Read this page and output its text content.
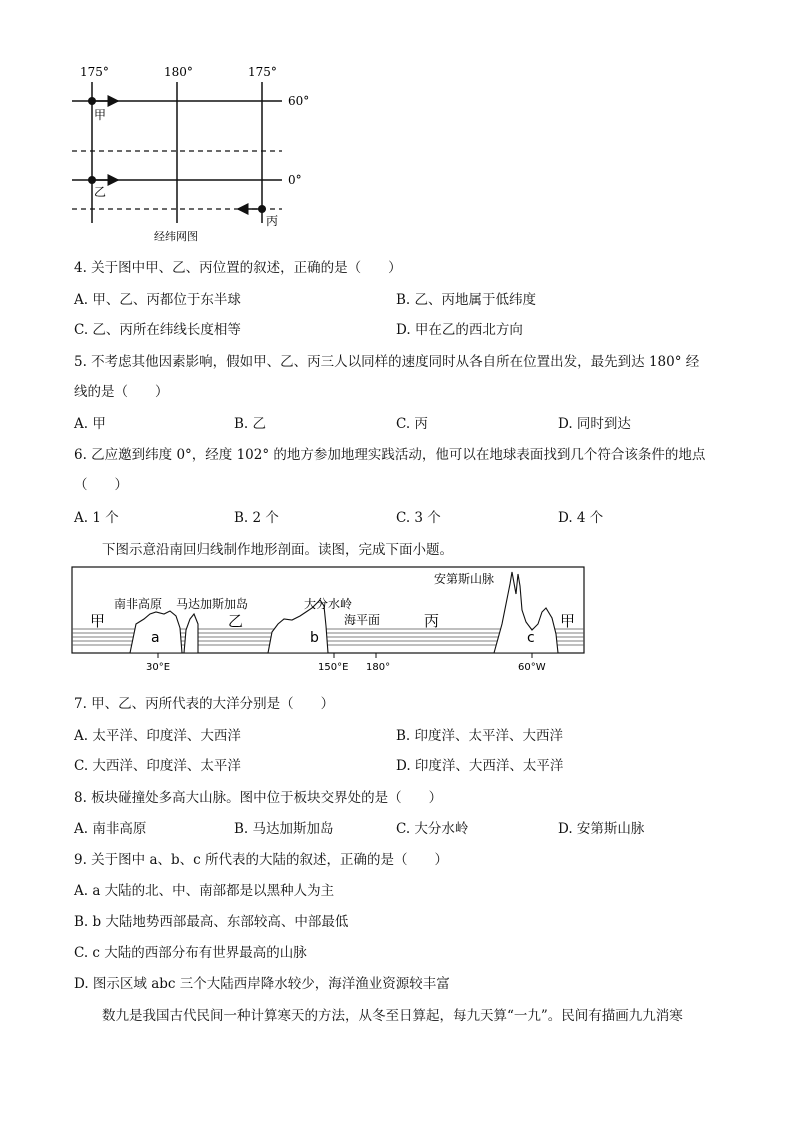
175°	180°	175°
60°
0°
甲
乙
丙
经纬网图
4. 关于图中甲、乙、丙位置的叙述，正确的是（　　）
A. 甲、乙、丙都位于东半球	B. 乙、丙地属于低纬度
C. 乙、丙所在纬线长度相等	D. 甲在乙的西北方向
5. 不考虑其他因素影响，假如甲、乙、丙三人以同样的速度同时从各自所在位置出发，最先到达 180° 经
线的是（　　）
A. 甲	B. 乙	C. 丙	D. 同时到达
6. 乙应邀到纬度 0°，经度 102° 的地方参加地理实践活动，他可以在地球表面找到几个符合该条件的地点
（　　）
A. 1 个	B. 2 个	C. 3 个	D. 4 个
下图示意沿南回归线制作地形剖面。读图，完成下面小题。
甲	乙	丙	甲
南非高原 马达加斯加岛	大分水岭
海平面
安第斯山脉
a	b	c
30°E	150°E 180°	60°W
7. 甲、乙、丙所代表的大洋分别是（　　）
A. 太平洋、印度洋、大西洋	B. 印度洋、太平洋、大西洋
C. 大西洋、印度洋、太平洋	D. 印度洋、大西洋、太平洋
8. 板块碰撞处多高大山脉。图中位于板块交界处的是（　　）
A. 南非高原	B. 马达加斯加岛	C. 大分水岭	D. 安第斯山脉
9. 关于图中 a、b、c 所代表的大陆的叙述，正确的是（　　）
A. a 大陆的北、中、南部都是以黑种人为主
B. b 大陆地势西部最高、东部较高、中部最低
C. c 大陆的西部分布有世界最高的山脉
D. 图示区域 abc 三个大陆西岸降水较少，海洋渔业资源较丰富
数九是我国古代民间一种计算寒天的方法，从冬至日算起，每九天算“一九”。民间有描画九九消寒
